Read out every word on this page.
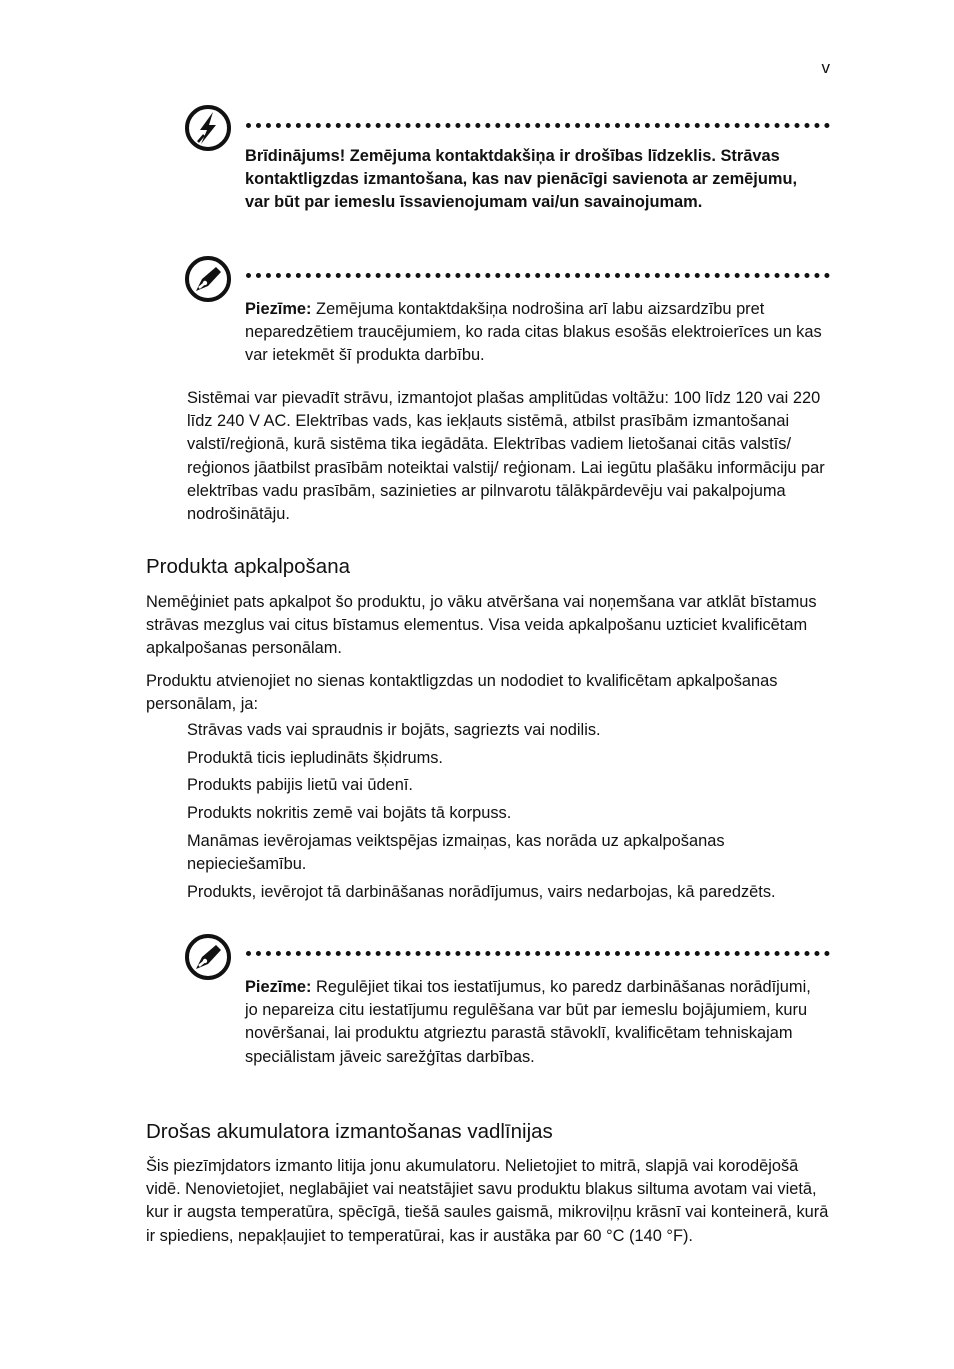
v
Brīdinājums! Zemējuma kontaktdakšiņa ir drošības līdzeklis. Strāvas kontaktligzdas izmantošana, kas nav pienācīgi savienota ar zemējumu, var būt par iemeslu īssavienojumam vai/un savainojumam.
Piezīme: Zemējuma kontaktdakšiņa nodrošina arī labu aizsardzību pret neparedzētiem traucējumiem, ko rada citas blakus esošās elektroierīces un kas var ietekmēt šī produkta darbību.
Sistēmai var pievadīt strāvu, izmantojot plašas amplitūdas voltāžu: 100 līdz 120 vai 220 līdz 240 V AC. Elektrības vads, kas iekļauts sistēmā, atbilst prasībām izmantošanai valstī/reģionā, kurā sistēma tika iegādāta. Elektrības vadiem lietošanai citās valstīs/ reģionos jāatbilst prasībām noteiktai valstij/ reģionam. Lai iegūtu plašāku informāciju par elektrības vadu prasībām, sazinieties ar pilnvarotu tālākpārdevēju vai pakalpojuma nodrošinātāju.
Produkta apkalpošana
Nemēģiniet pats apkalpot šo produktu, jo vāku atvēršana vai noņemšana var atklāt bīstamus strāvas mezglus vai citus bīstamus elementus. Visa veida apkalpošanu uzticiet kvalificētam apkalpošanas personālam.
Produktu atvienojiet no sienas kontaktligzdas un nododiet to kvalificētam apkalpošanas personālam, ja:
Strāvas vads vai spraudnis ir bojāts, sagriezts vai nodilis.
Produktā ticis iepludināts šķidrums.
Produkts pabijis lietū vai ūdenī.
Produkts nokritis zemē vai bojāts tā korpuss.
Manāmas ievērojamas veiktspējas izmaiņas, kas norāda uz apkalpošanas nepieciešamību.
Produkts, ievērojot tā darbināšanas norādījumus, vairs nedarbojas, kā paredzēts.
Piezīme: Regulējiet tikai tos iestatījumus, ko paredz darbināšanas norādījumi, jo nepareiza citu iestatījumu regulēšana var būt par iemeslu bojājumiem, kuru novēršanai, lai produktu atgrieztu parastā stāvoklī, kvalificētam tehniskajam speciālistam jāveic sarežģītas darbības.
Drošas akumulatora izmantošanas vadlīnijas
Šis piezīmjdators izmanto litija jonu akumulatoru. Nelietojiet to mitrā, slapjā vai korodējošā vidē. Nenovietojiet, neglabājiet vai neatstājiet savu produktu blakus siltuma avotam vai vietā, kur ir augsta temperatūra, spēcīgā, tiešā saules gaismā, mikroviļņu krāsnī vai konteinerā, kurā ir spiediens, nepakļaujiet to temperatūrai, kas ir austāka par 60 °C (140 °F).
